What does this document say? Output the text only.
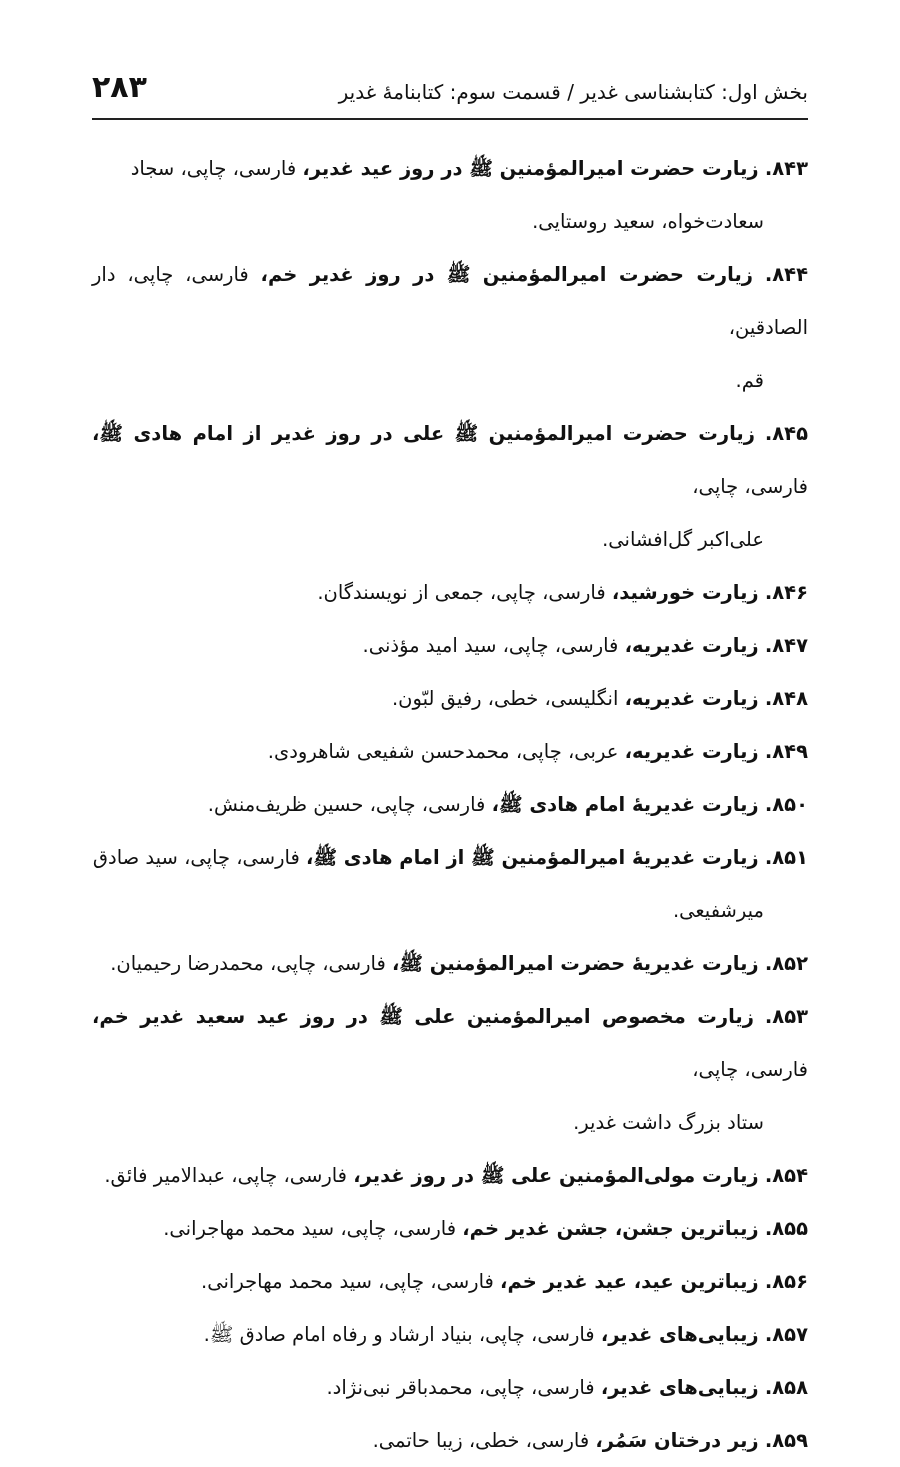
بخش اول: کتابشناسی غدیر / قسمت سوم: کتابنامۀ غدیر
۲۸۳
۸۴۳. زیارت حضرت امیرالمؤمنین ﷺ در روز عید غدیر، فارسی، چاپی، سجاد
سعادت‌خواه، سعید روستایی.
۸۴۴. زیارت حضرت امیرالمؤمنین ﷺ در روز غدیر خم، فارسی، چاپی، دار الصادقین،
قم.
۸۴۵. زیارت حضرت امیرالمؤمنین ﷺ علی در روز غدیر از امام هادی ﷺ، فارسی، چاپی،
علی‌اکبر گل‌افشانی.
۸۴۶. زیارت خورشید، فارسی، چاپی، جمعی از نویسندگان.
۸۴۷. زیارت غدیریه، فارسی، چاپی، سید امید مؤذنی.
۸۴۸. زیارت غدیریه، انگلیسی، خطی، رفیق لبّون.
۸۴۹. زیارت غدیریه، عربی، چاپی، محمدحسن شفیعی شاهرودی.
۸۵۰. زیارت غدیریۀ امام هادی ﷺ، فارسی، چاپی، حسین ظریف‌منش.
۸۵۱. زیارت غدیریۀ امیرالمؤمنین ﷺ از امام هادی ﷺ، فارسی، چاپی، سید صادق
میرشفیعی.
۸۵۲. زیارت غدیریۀ حضرت امیرالمؤمنین ﷺ، فارسی، چاپی، محمدرضا رحیمیان.
۸۵۳. زیارت مخصوص امیرالمؤمنین علی ﷺ در روز عید سعید غدیر خم، فارسی، چاپی،
ستاد بزرگ داشت غدیر.
۸۵۴. زیارت مولی‌المؤمنین علی ﷺ در روز غدیر، فارسی، چاپی، عبدالامیر فائق.
۸۵۵. زیباترین جشن، جشن غدیر خم، فارسی، چاپی، سید محمد مهاجرانی.
۸۵۶. زیباترین عید، عید غدیر خم، فارسی، چاپی، سید محمد مهاجرانی.
۸۵۷. زیبایی‌های غدیر، فارسی، چاپی، بنیاد ارشاد و رفاه امام صادق ﷺ.
۸۵۸. زیبایی‌های غدیر، فارسی، چاپی، محمدباقر نبی‌نژاد.
۸۵۹. زیر درختان سَمُر، فارسی، خطی، زیبا حاتمی.
